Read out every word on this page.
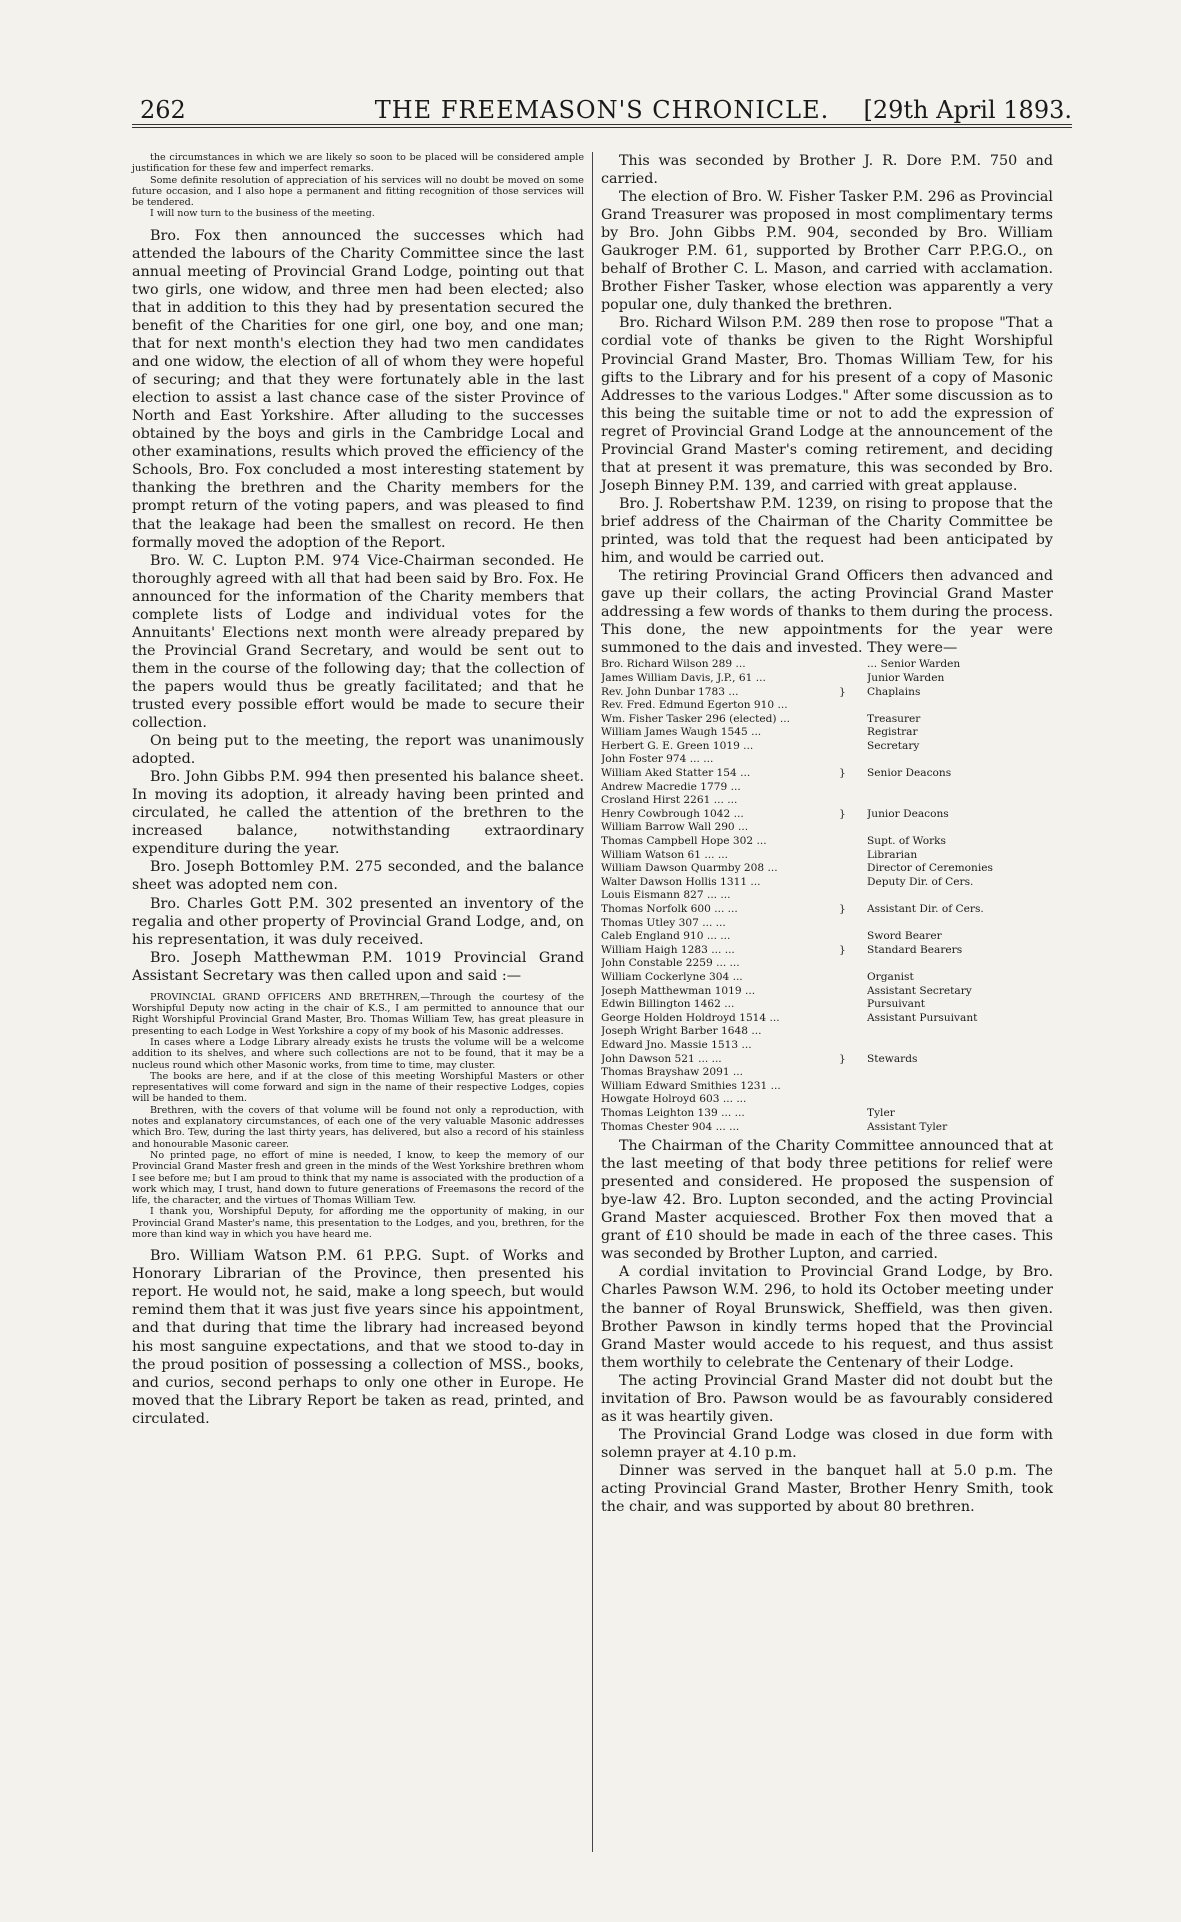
262	THE FREEMASON'S CHRONICLE.	[29th April 1893.

the circumstances in which we are likely so soon to be placed will be considered ample justification for these few and imperfect remarks.

Some definite resolution of appreciation of his services will no doubt be moved on some future occasion, and I also hope a permanent and fitting recognition of those services will be tendered.

I will now turn to the business of the meeting.

Bro. Fox then announced the successes which had attended the labours of the Charity Committee since the last annual meeting of Provincial Grand Lodge, pointing out that two girls, one widow, and three men had been elected; also that in addition to this they had by presentation secured the benefit of the Charities for one girl, one boy, and one man; that for next month's election they had two men candidates and one widow, the election of all of whom they were hopeful of securing; and that they were fortunately able in the last election to assist a last chance case of the sister Province of North and East Yorkshire. After alluding to the successes obtained by the boys and girls in the Cambridge Local and other examinations, results which proved the efficiency of the Schools, Bro. Fox concluded a most interesting statement by thanking the brethren and the Charity members for the prompt return of the voting papers, and was pleased to find that the leakage had been the smallest on record. He then formally moved the adoption of the Report.

Bro. W. C. Lupton P.M. 974 Vice-Chairman seconded. He thoroughly agreed with all that had been said by Bro. Fox. He announced for the information of the Charity members that complete lists of Lodge and individual votes for the Annuitants' Elections next month were already prepared by the Provincial Grand Secretary, and would be sent out to them in the course of the following day; that the collection of the papers would thus be greatly facilitated; and that he trusted every possible effort would be made to secure their collection.

On being put to the meeting, the report was unanimously adopted.

Bro. John Gibbs P.M. 994 then presented his balance sheet. In moving its adoption, it already having been printed and circulated, he called the attention of the brethren to the increased balance, notwithstanding extraordinary expenditure during the year.

Bro. Joseph Bottomley P.M. 275 seconded, and the balance sheet was adopted nem con.

Bro. Charles Gott P.M. 302 presented an inventory of the regalia and other property of Provincial Grand Lodge, and, on his representation, it was duly received.

Bro. Joseph Matthewman P.M. 1019 Provincial Grand Assistant Secretary was then called upon and said :—

PROVINCIAL GRAND OFFICERS AND BRETHREN,—Through the courtesy of the Worshipful Deputy now acting in the chair of K.S., I am permitted to announce that our Right Worshipful Provincial Grand Master, Bro. Thomas William Tew, has great pleasure in presenting to each Lodge in West Yorkshire a copy of my book of his Masonic addresses.

In cases where a Lodge Library already exists he trusts the volume will be a welcome addition to its shelves, and where such collections are not to be found, that it may be a nucleus round which other Masonic works, from time to time, may cluster.

The books are here, and if at the close of this meeting Worshipful Masters or other representatives will come forward and sign in the name of their respective Lodges, copies will be handed to them.

Brethren, with the covers of that volume will be found not only a reproduction, with notes and explanatory circumstances, of each one of the very valuable Masonic addresses which Bro. Tew, during the last thirty years, has delivered, but also a record of his stainless and honourable Masonic career.

No printed page, no effort of mine is needed, I know, to keep the memory of our Provincial Grand Master fresh and green in the minds of the West Yorkshire brethren whom I see before me; but I am proud to think that my name is associated with the production of a work which may, I trust, hand down to future generations of Freemasons the record of the life, the character, and the virtues of Thomas William Tew.

I thank you, Worshipful Deputy, for affording me the opportunity of making, in our Provincial Grand Master's name, this presentation to the Lodges, and you, brethren, for the more than kind way in which you have heard me.

Bro. William Watson P.M. 61 P.P.G. Supt. of Works and Honorary Librarian of the Province, then presented his report. He would not, he said, make a long speech, but would remind them that it was just five years since his appointment, and that during that time the library had increased beyond his most sanguine expectations, and that we stood to-day in the proud position of possessing a collection of MSS., books, and curios, second perhaps to only one other in Europe. He moved that the Library Report be taken as read, printed, and circulated.

This was seconded by Brother J. R. Dore P.M. 750 and carried.

The election of Bro. W. Fisher Tasker P.M. 296 as Provincial Grand Treasurer was proposed in most complimentary terms by Bro. John Gibbs P.M. 904, seconded by Bro. William Gaukroger P.M. 61, supported by Brother Carr P.P.G.O., on behalf of Brother C. L. Mason, and carried with acclamation. Brother Fisher Tasker, whose election was apparently a very popular one, duly thanked the brethren.

Bro. Richard Wilson P.M. 289 then rose to propose "That a cordial vote of thanks be given to the Right Worshipful Provincial Grand Master, Bro. Thomas William Tew, for his gifts to the Library and for his present of a copy of Masonic Addresses to the various Lodges." After some discussion as to this being the suitable time or not to add the expression of regret of Provincial Grand Lodge at the announcement of the Provincial Grand Master's coming retirement, and deciding that at present it was premature, this was seconded by Bro. Joseph Binney P.M. 139, and carried with great applause.

Bro. J. Robertshaw P.M. 1239, on rising to propose that the brief address of the Chairman of the Charity Committee be printed, was told that the request had been anticipated by him, and would be carried out.

The retiring Provincial Grand Officers then advanced and gave up their collars, the acting Provincial Grand Master addressing a few words of thanks to them during the process. This done, the new appointments for the year were summoned to the dais and invested. They were—

Bro. Richard Wilson 289 ...	... Senior Warden
James William Davis, J.P., 61 ...	Junior Warden
Rev. John Dunbar 1783 ...	}	Chaplains
Rev. Fred. Edmund Egerton 910 ...
Wm. Fisher Tasker 296 (elected) ...	Treasurer
William James Waugh 1545 ...	Registrar
Herbert G. E. Green 1019 ...	Secretary
John Foster 974 ... ...
William Aked Statter 154 ...	}	Senior Deacons
Andrew Macredie 1779 ...
Crosland Hirst 2261 ... ...
Henry Cowbrough 1042 ...	}	Junior Deacons
William Barrow Wall 290 ...
Thomas Campbell Hope 302 ...	Supt. of Works
William Watson 61 ... ...	Librarian
William Dawson Quarmby 208 ...	Director of Ceremonies
Walter Dawson Hollis 1311 ...	Deputy Dir. of Cers.
Louis Eismann 827 ... ...
Thomas Norfolk 600 ... ...	}	Assistant Dir. of Cers.
Thomas Utley 307 ... ...
Caleb England 910 ... ...	Sword Bearer
William Haigh 1283 ... ...	}	Standard Bearers
John Constable 2259 ... ...
William Cockerlyne 304 ...	Organist
Joseph Matthewman 1019 ...	Assistant Secretary
Edwin Billington 1462 ...	Pursuivant
George Holden Holdroyd 1514 ...	Assistant Pursuivant
Joseph Wright Barber 1648 ...
Edward Jno. Massie 1513 ...
John Dawson 521 ... ...	}	Stewards
Thomas Brayshaw 2091 ...
William Edward Smithies 1231 ...
Howgate Holroyd 603 ... ...
Thomas Leighton 139 ... ...	Tyler
Thomas Chester 904 ... ...	Assistant Tyler

The Chairman of the Charity Committee announced that at the last meeting of that body three petitions for relief were presented and considered. He proposed the suspension of bye-law 42. Bro. Lupton seconded, and the acting Provincial Grand Master acquiesced. Brother Fox then moved that a grant of £10 should be made in each of the three cases. This was seconded by Brother Lupton, and carried.

A cordial invitation to Provincial Grand Lodge, by Bro. Charles Pawson W.M. 296, to hold its October meeting under the banner of Royal Brunswick, Sheffield, was then given. Brother Pawson in kindly terms hoped that the Provincial Grand Master would accede to his request, and thus assist them worthily to celebrate the Centenary of their Lodge.

The acting Provincial Grand Master did not doubt but the invitation of Bro. Pawson would be as favourably considered as it was heartily given.

The Provincial Grand Lodge was closed in due form with solemn prayer at 4.10 p.m.

Dinner was served in the banquet hall at 5.0 p.m. The acting Provincial Grand Master, Brother Henry Smith, took the chair, and was supported by about 80 brethren.
